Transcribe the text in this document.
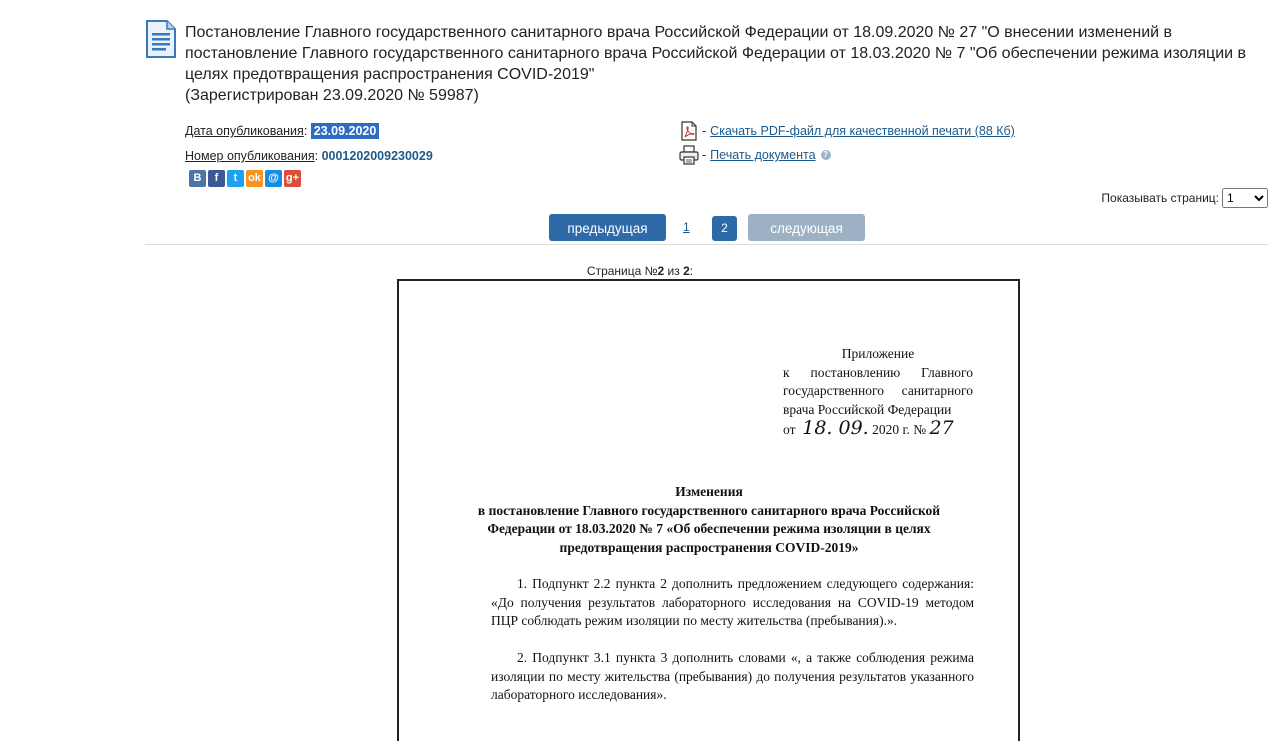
Постановление Главного государственного санитарного врача Российской Федерации от 18.09.2020 № 27 "О внесении изменений в постановление Главного государственного санитарного врача Российской Федерации от 18.03.2020 № 7 "Об обеспечении режима изоляции в целях предотвращения распространения COVID-2019"
(Зарегистрирован 23.09.2020 № 59987)
Дата опубликования: 23.09.2020
Номер опубликования: 0001202009230029
В	f	t ok @ g+
- Скачать PDF-файл для качественной печати (88 Кб)
- Печать документа ?
Показывать страниц:
1
предыдущая	1	2	следующая
Страница №2 из 2:
Приложение
к постановлению Главного государственного санитарного врача Российской Федерации
от 18. 09. 2020 г. № 27
Изменения
в постановление Главного государственного санитарного врача Российской Федерации от 18.03.2020 № 7 «Об обеспечении режима изоляции в целях предотвращения распространения COVID-2019»
1. Подпункт 2.2 пункта 2 дополнить предложением следующего содержания: «До получения результатов лабораторного исследования на COVID-19 методом ПЦР соблюдать режим изоляции по месту жительства (пребывания).».
2. Подпункт 3.1 пункта 3 дополнить словами «, а также соблюдения режима изоляции по месту жительства (пребывания) до получения результатов указанного лабораторного исследования».
